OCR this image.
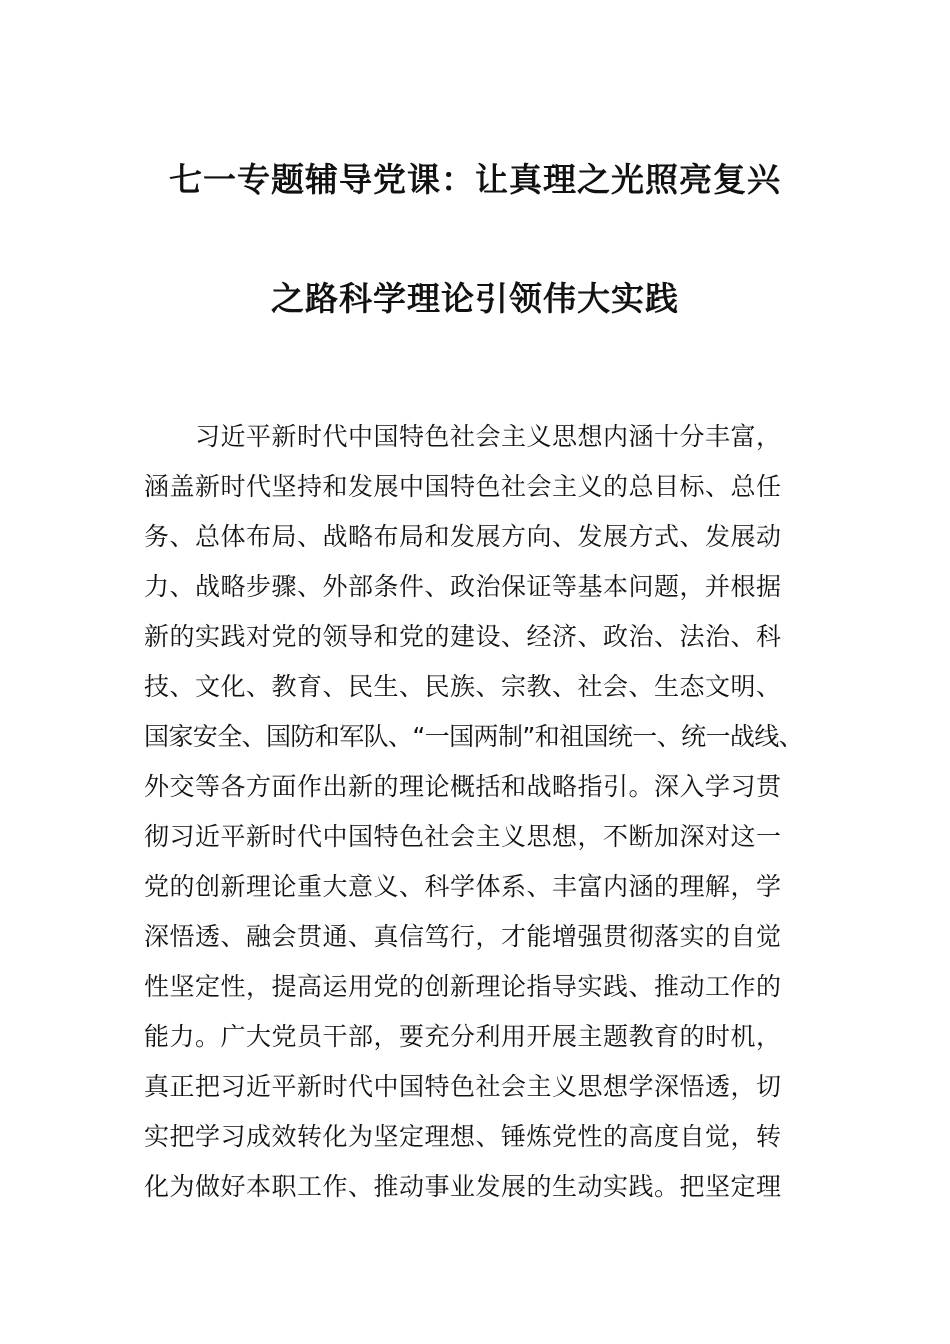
七一专题辅导党课：让真理之光照亮复兴
之路科学理论引领伟大实践
习近平新时代中国特色社会主义思想内涵十分丰富，
涵盖新时代坚持和发展中国特色社会主义的总目标、总任
务、总体布局、战略布局和发展方向、发展方式、发展动
力、战略步骤、外部条件、政治保证等基本问题，并根据
新的实践对党的领导和党的建设、经济、政治、法治、科
技、文化、教育、民生、民族、宗教、社会、生态文明、
国家安全、国防和军队、“一国两制”和祖国统一、统一战线、
外交等各方面作出新的理论概括和战略指引。深入学习贯
彻习近平新时代中国特色社会主义思想，不断加深对这一
党的创新理论重大意义、科学体系、丰富内涵的理解，学
深悟透、融会贯通、真信笃行，才能增强贯彻落实的自觉
性坚定性，提高运用党的创新理论指导实践、推动工作的
能力。广大党员干部，要充分利用开展主题教育的时机，
真正把习近平新时代中国特色社会主义思想学深悟透，切
实把学习成效转化为坚定理想、锤炼党性的高度自觉，转
化为做好本职工作、推动事业发展的生动实践。把坚定理
